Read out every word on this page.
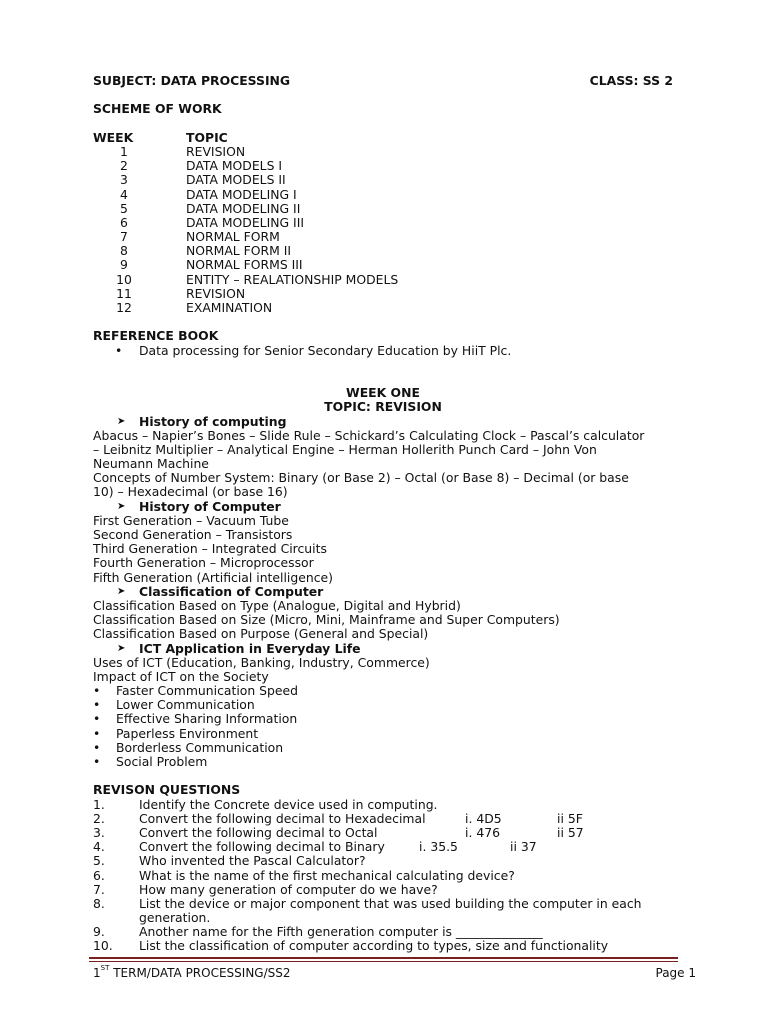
SUBJECT: DATA PROCESSING	CLASS: SS 2
SCHEME OF WORK
WEEK	TOPIC
1	REVISION
2	DATA MODELS I
3	DATA MODELS II
4	DATA MODELING I
5	DATA MODELING II
6	DATA MODELING III
7	NORMAL FORM
8	NORMAL FORM II
9	NORMAL FORMS III
10	ENTITY – REALATIONSHIP MODELS
11	REVISION
12	EXAMINATION
REFERENCE BOOK
• Data processing for Senior Secondary Education by HiiT Plc.
WEEK ONE
TOPIC: REVISION
➤ History of computing
Abacus – Napier’s Bones – Slide Rule – Schickard’s Calculating Clock – Pascal’s calculator
– Leibnitz Multiplier – Analytical Engine – Herman Hollerith Punch Card – John Von
Neumann Machine
Concepts of Number System: Binary (or Base 2) – Octal (or Base 8) – Decimal (or base
10) – Hexadecimal (or base 16)
➤ History of Computer
First Generation – Vacuum Tube
Second Generation – Transistors
Third Generation – Integrated Circuits
Fourth Generation – Microprocessor
Fifth Generation (Artificial intelligence)
➤ Classification of Computer
Classification Based on Type (Analogue, Digital and Hybrid)
Classification Based on Size (Micro, Mini, Mainframe and Super Computers)
Classification Based on Purpose (General and Special)
➤ ICT Application in Everyday Life
Uses of ICT (Education, Banking, Industry, Commerce)
Impact of ICT on the Society
• Faster Communication Speed
• Lower Communication
• Effective Sharing Information
• Paperless Environment
• Borderless Communication
• Social Problem
REVISON QUESTIONS
1.	Identify the Concrete device used in computing.
2.	Convert the following decimal to Hexadecimal	i. 4D5	ii 5F
3.	Convert the following decimal to Octal	i. 476	ii 57
4.	Convert the following decimal to Binary	i. 35.5	ii 37
5.	Who invented the Pascal Calculator?
6.	What is the name of the first mechanical calculating device?
7.	How many generation of computer do we have?
8.	List the device or major component that was used building the computer in each
generation.
9.	Another name for the Fifth generation computer is ______________
10. List the classification of computer according to types, size and functionality
1ST TERM/DATA PROCESSING/SS2	Page 1
